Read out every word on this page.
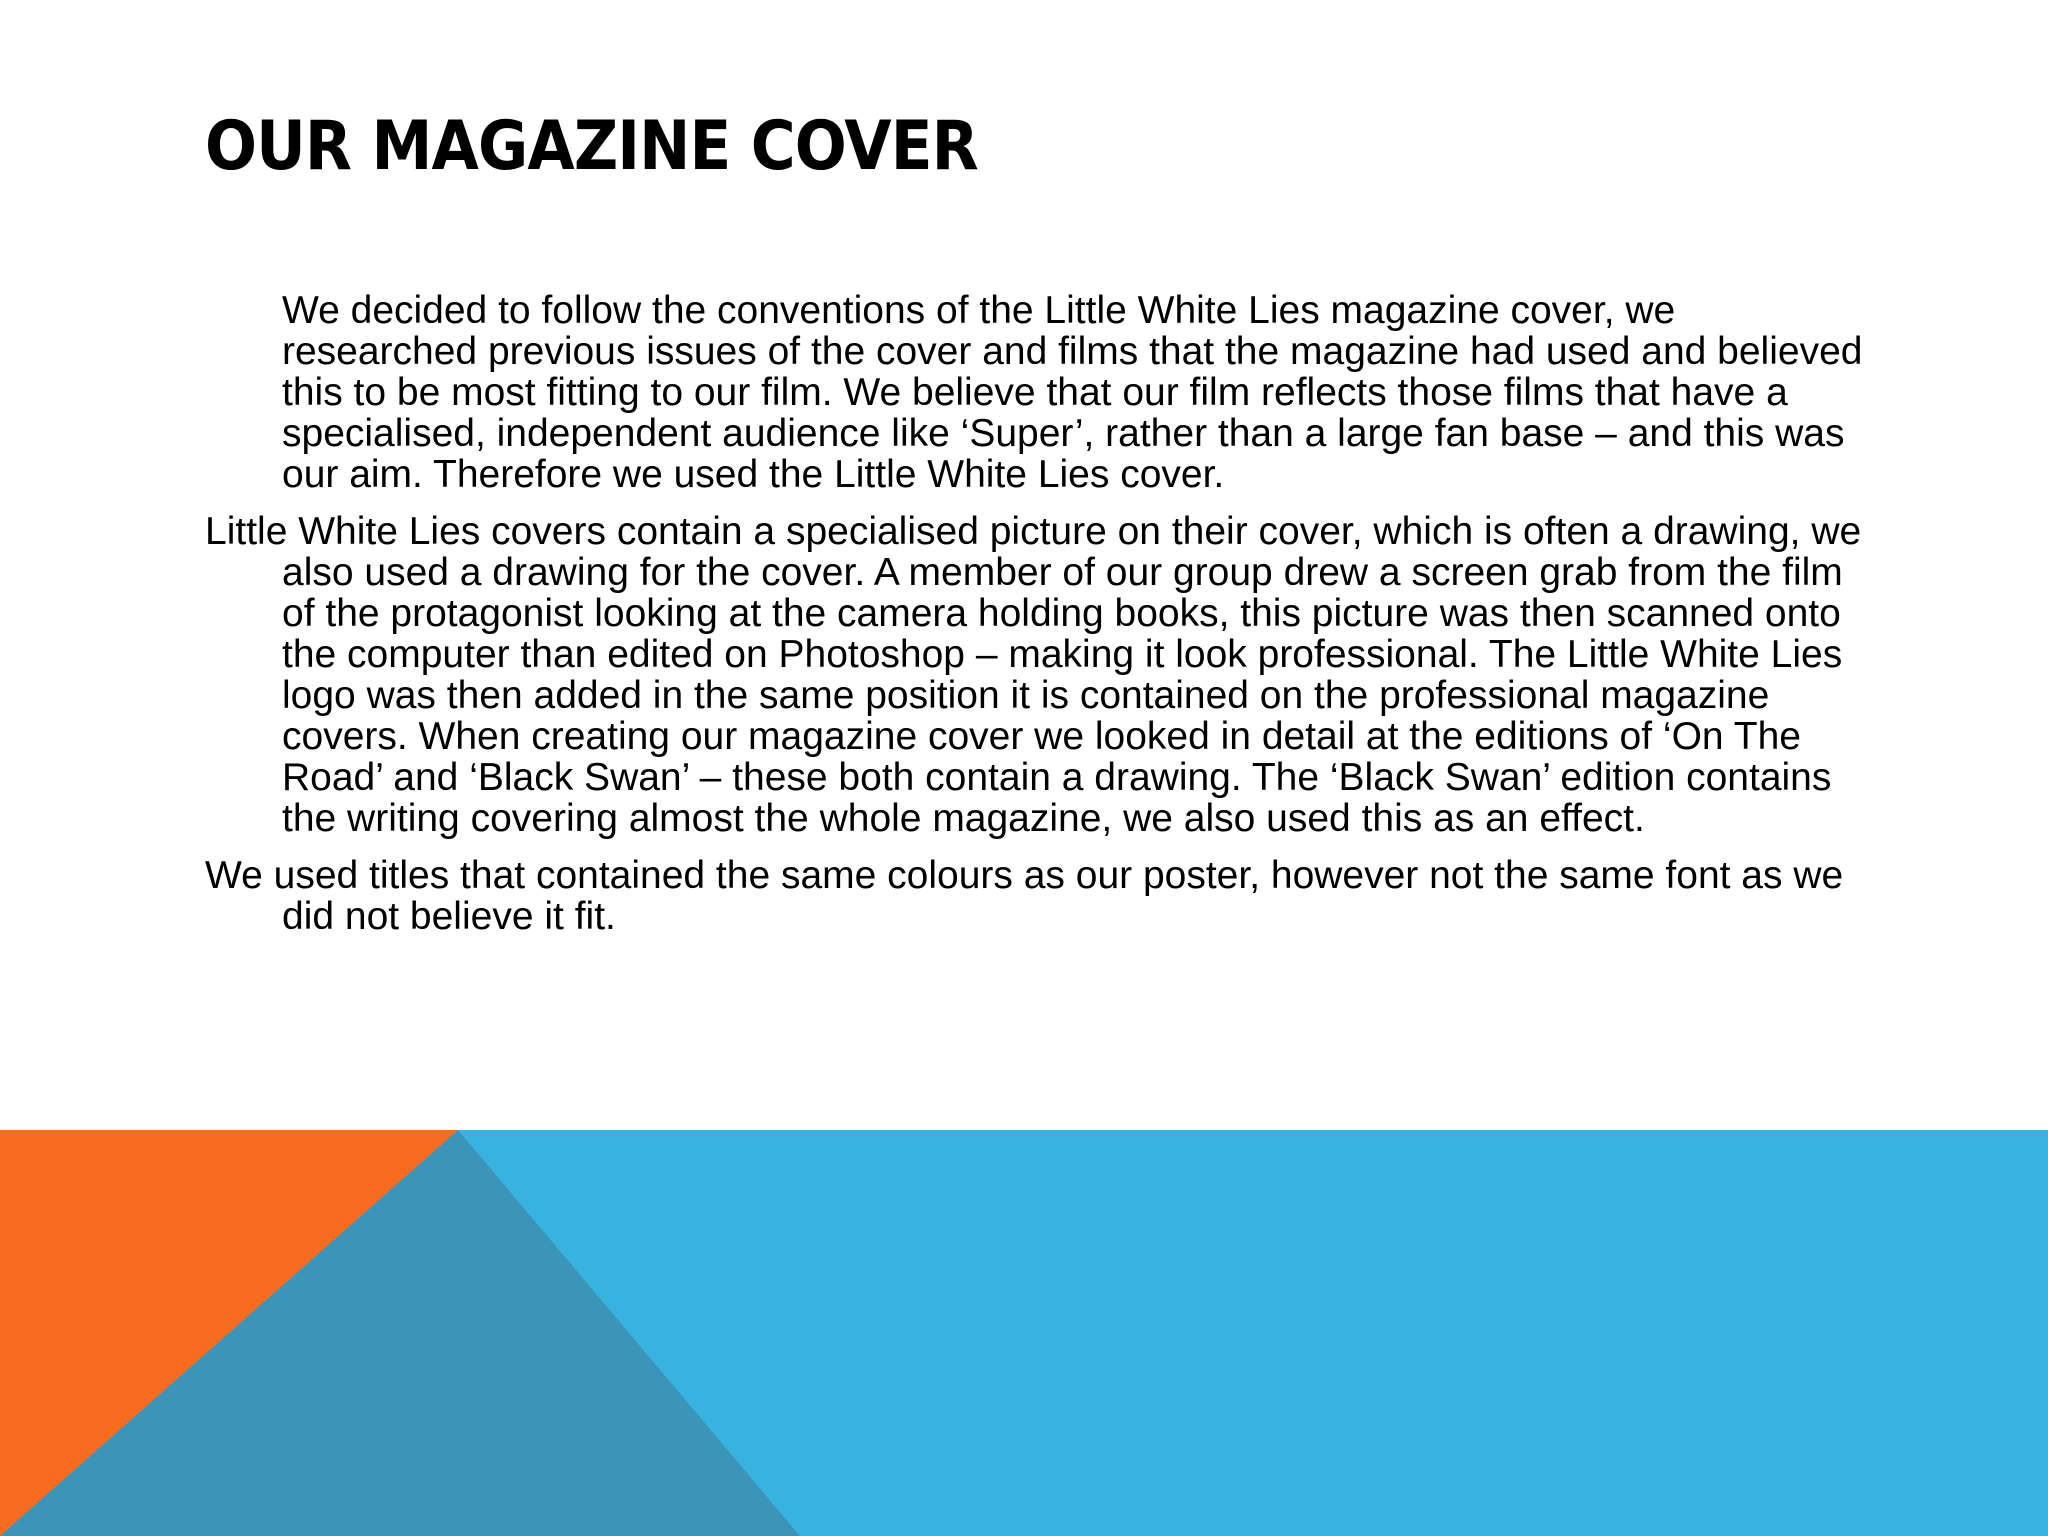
OUR MAGAZINE COVER

We decided to follow the conventions of the Little White Lies magazine cover, we researched previous issues of the cover and films that the magazine had used and believed this to be most fitting to our film. We believe that our film reflects those films that have a specialised, independent audience like ‘Super’, rather than a large fan base – and this was our aim. Therefore we used the Little White Lies cover.

Little White Lies covers contain a specialised picture on their cover, which is often a drawing, we also used a drawing for the cover. A member of our group drew a screen grab from the film of the protagonist looking at the camera holding books, this picture was then scanned onto the computer than edited on Photoshop – making it look professional. The Little White Lies logo was then added in the same position it is contained on the professional magazine covers. When creating our magazine cover we looked in detail at the editions of ‘On The Road’ and ‘Black Swan’ – these both contain a drawing. The ‘Black Swan’ edition contains the writing covering almost the whole magazine, we also used this as an effect.

We used titles that contained the same colours as our poster, however not the same font as we did not believe it fit.
